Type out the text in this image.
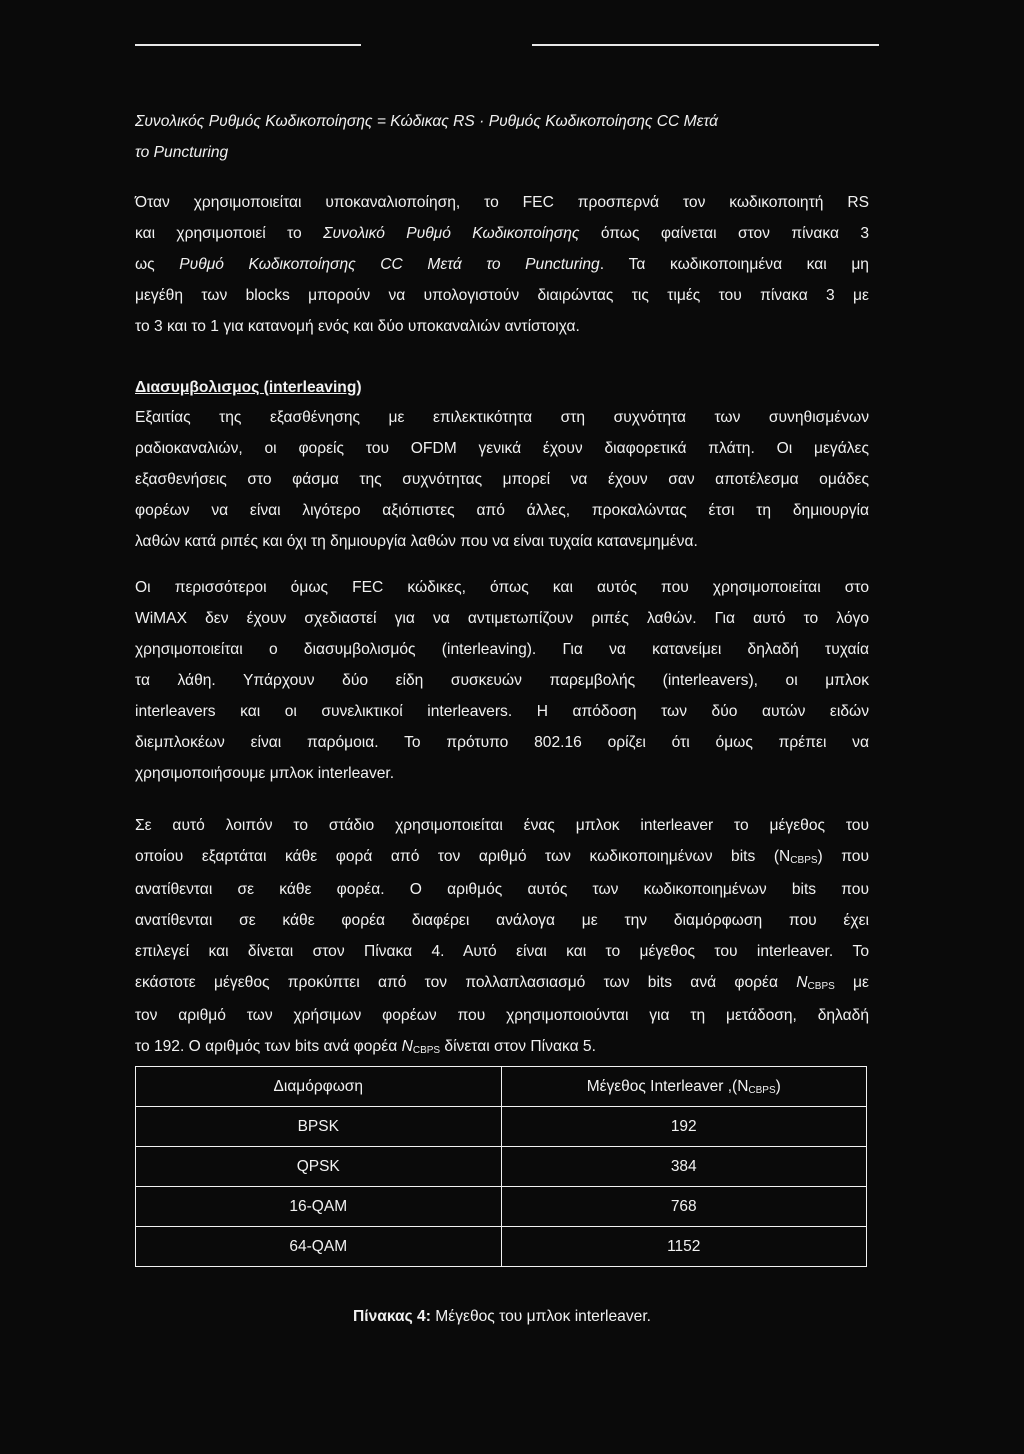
Συνολικός Ρυθμός Κωδικοποίησης = Κώδικας RS · Ρυθμός Κωδικοποίησης CC Μετά
το Puncturing
Όταν χρησιμοποιείται υποκαναλιοποίηση, το FEC προσπερνά τον κωδικοποιητή RS
και χρησιμοποιεί το Συνολικό Ρυθμό Κωδικοποίησης όπως φαίνεται στον πίνακα 3
ως Ρυθμό Κωδικοποίησης CC Μετά το Puncturing. Τα κωδικοποιημένα και μη
μεγέθη των blocks μπορούν να υπολογιστούν διαιρώντας τις τιμές του πίνακα 3 με
το 3 και το 1 για κατανομή ενός και δύο υποκαναλιών αντίστοιχα.
Διασυμβολισμος (interleaving)
Εξαιτίας της εξασθένησης με επιλεκτικότητα στη συχνότητα των συνηθισμένων
ραδιοκαναλιών, οι φορείς του OFDM γενικά έχουν διαφορετικά πλάτη. Οι μεγάλες
εξασθενήσεις στο φάσμα της συχνότητας μπορεί να έχουν σαν αποτέλεσμα ομάδες
φορέων να είναι λιγότερο αξιόπιστες από άλλες, προκαλώντας έτσι τη δημιουργία
λαθών κατά ριπές και όχι τη δημιουργία λαθών που να είναι τυχαία κατανεμημένα.
Οι περισσότεροι όμως FEC κώδικες, όπως και αυτός που χρησιμοποιείται στο
WiMAX δεν έχουν σχεδιαστεί για να αντιμετωπίζουν ριπές λαθών. Για αυτό το λόγο
χρησιμοποιείται ο διασυμβολισμός (interleaving). Για να κατανείμει δηλαδή τυχαία
τα λάθη. Υπάρχουν δύο είδη συσκευών παρεμβολής (interleavers), οι μπλοκ
interleavers και οι συνελικτικοί interleavers. Η απόδοση των δύο αυτών ειδών
διεμπλοκέων είναι παρόμοια. Το πρότυπο 802.16 ορίζει ότι όμως πρέπει να
χρησιμοποιήσουμε μπλοκ interleaver.
Σε αυτό λοιπόν το στάδιο χρησιμοποιείται ένας μπλοκ interleaver το μέγεθος του
οποίου εξαρτάται κάθε φορά από τον αριθμό των κωδικοποιημένων bits $(N_{CBPS})$ που
ανατίθενται σε κάθε φορέα. Ο αριθμός αυτός των κωδικοποιημένων bits που
ανατίθενται σε κάθε φορέα διαφέρει ανάλογα με την διαμόρφωση που έχει
επιλεγεί και δίνεται στον Πίνακα 4. Αυτό είναι και το μέγεθος του interleaver. Το
εκάστοτε μέγεθος προκύπτει από τον πολλαπλασιασμό των bits ανά φορέα $N_{CBPS}$ με
τον αριθμό των χρήσιμων φορέων που χρησιμοποιούνται για τη μετάδοση, δηλαδή
το 192. Ο αριθμός των bits ανά φορέα $N_{CBPS}$ δίνεται στον Πίνακα 5.
Διαμόρφωση	Μέγεθος Interleaver $,(N_{CBPS})$
BPSK	192
QPSK	384
16-QAM	768
64-QAM	1152
Πίνακας 4: Μέγεθος του μπλοκ interleaver.
